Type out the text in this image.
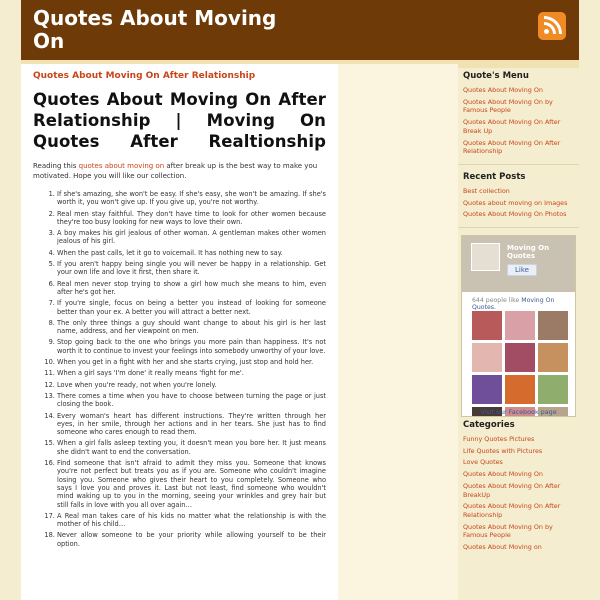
Quotes About Moving On
Quotes About Moving On After Relationship
Quotes About Moving On After Relationship | Moving On Quotes After Realtionship

Reading this quotes about moving on after break up is the best way to make you motivated. Hope you will like our collection.

1. If she's amazing, she won't be easy. If she's easy, she won't be amazing. If she's worth it, you won't give up. If you give up, you're not worthy.
2. Real men stay faithful. They don't have time to look for other women because they're too busy looking for new ways to love their own.
3. A boy makes his girl jealous of other woman. A gentleman makes other women jealous of his girl.
4. When the past calls, let it go to voicemail. It has nothing new to say.
5. If you aren't happy being single you will never be happy in a relationship. Get your own life and love it first, then share it.
6. Real men never stop trying to show a girl how much she means to him, even after he's got her.
7. If you're single, focus on being a better you instead of looking for someone better than your ex. A better you will attract a better next.
8. The only three things a guy should want change to about his girl is her last name, address, and her viewpoint on men.
9. Stop going back to the one who brings you more pain than happiness. It's not worth it to continue to invest your feelings into somebody unworthy of your love.
10. When you get in a fight with her and she starts crying, just stop and hold her.
11. When a girl says 'I'm done' it really means 'fight for me'.
12. Love when you're ready, not when you're lonely.
13. There comes a time when you have to choose between turning the page or just closing the book.
14. Every woman's heart has different instructions. They're written through her eyes, in her smile, through her actions and in her tears. She just has to find someone who cares enough to read them.
15. When a girl falls asleep texting you, it doesn't mean you bore her. It just means she didn't want to end the conversation.
16. Find someone that isn't afraid to admit they miss you. Someone that knows you're not perfect but treats you as if you are. Someone who couldn't imagine losing you. Someone who gives their heart to you completely. Someone who says I love you and proves it. Last but not least, find someone who wouldn't mind waking up to you in the morning, seeing your wrinkles and grey hair but still falls in love with you all over again…
17. A Real man takes care of his kids no matter what the relationship is with the mother of his child…
18. Never allow someone to be your priority while allowing yourself to be their option.
Quote's Menu
Quotes About Moving On
Quotes About Moving On by Famous People
Quotes About Moving On After Break Up
Quotes About Moving On After Relationship
Recent Posts
Best collection
Quotes about moving on Images
Quotes About Moving On Photos
Moving On Quotes
Like
644 people like Moving On Quotes.
Visit our Facebook page
Categories
Funny Quotes Pictures
Life Quotes with Pictures
Love Quotes
Quotes About Moving On
Quotes About Moving On After BreakUp
Quotes About Moving On After Relationship
Quotes About Moving On by Famous People
Quotes About Moving on
